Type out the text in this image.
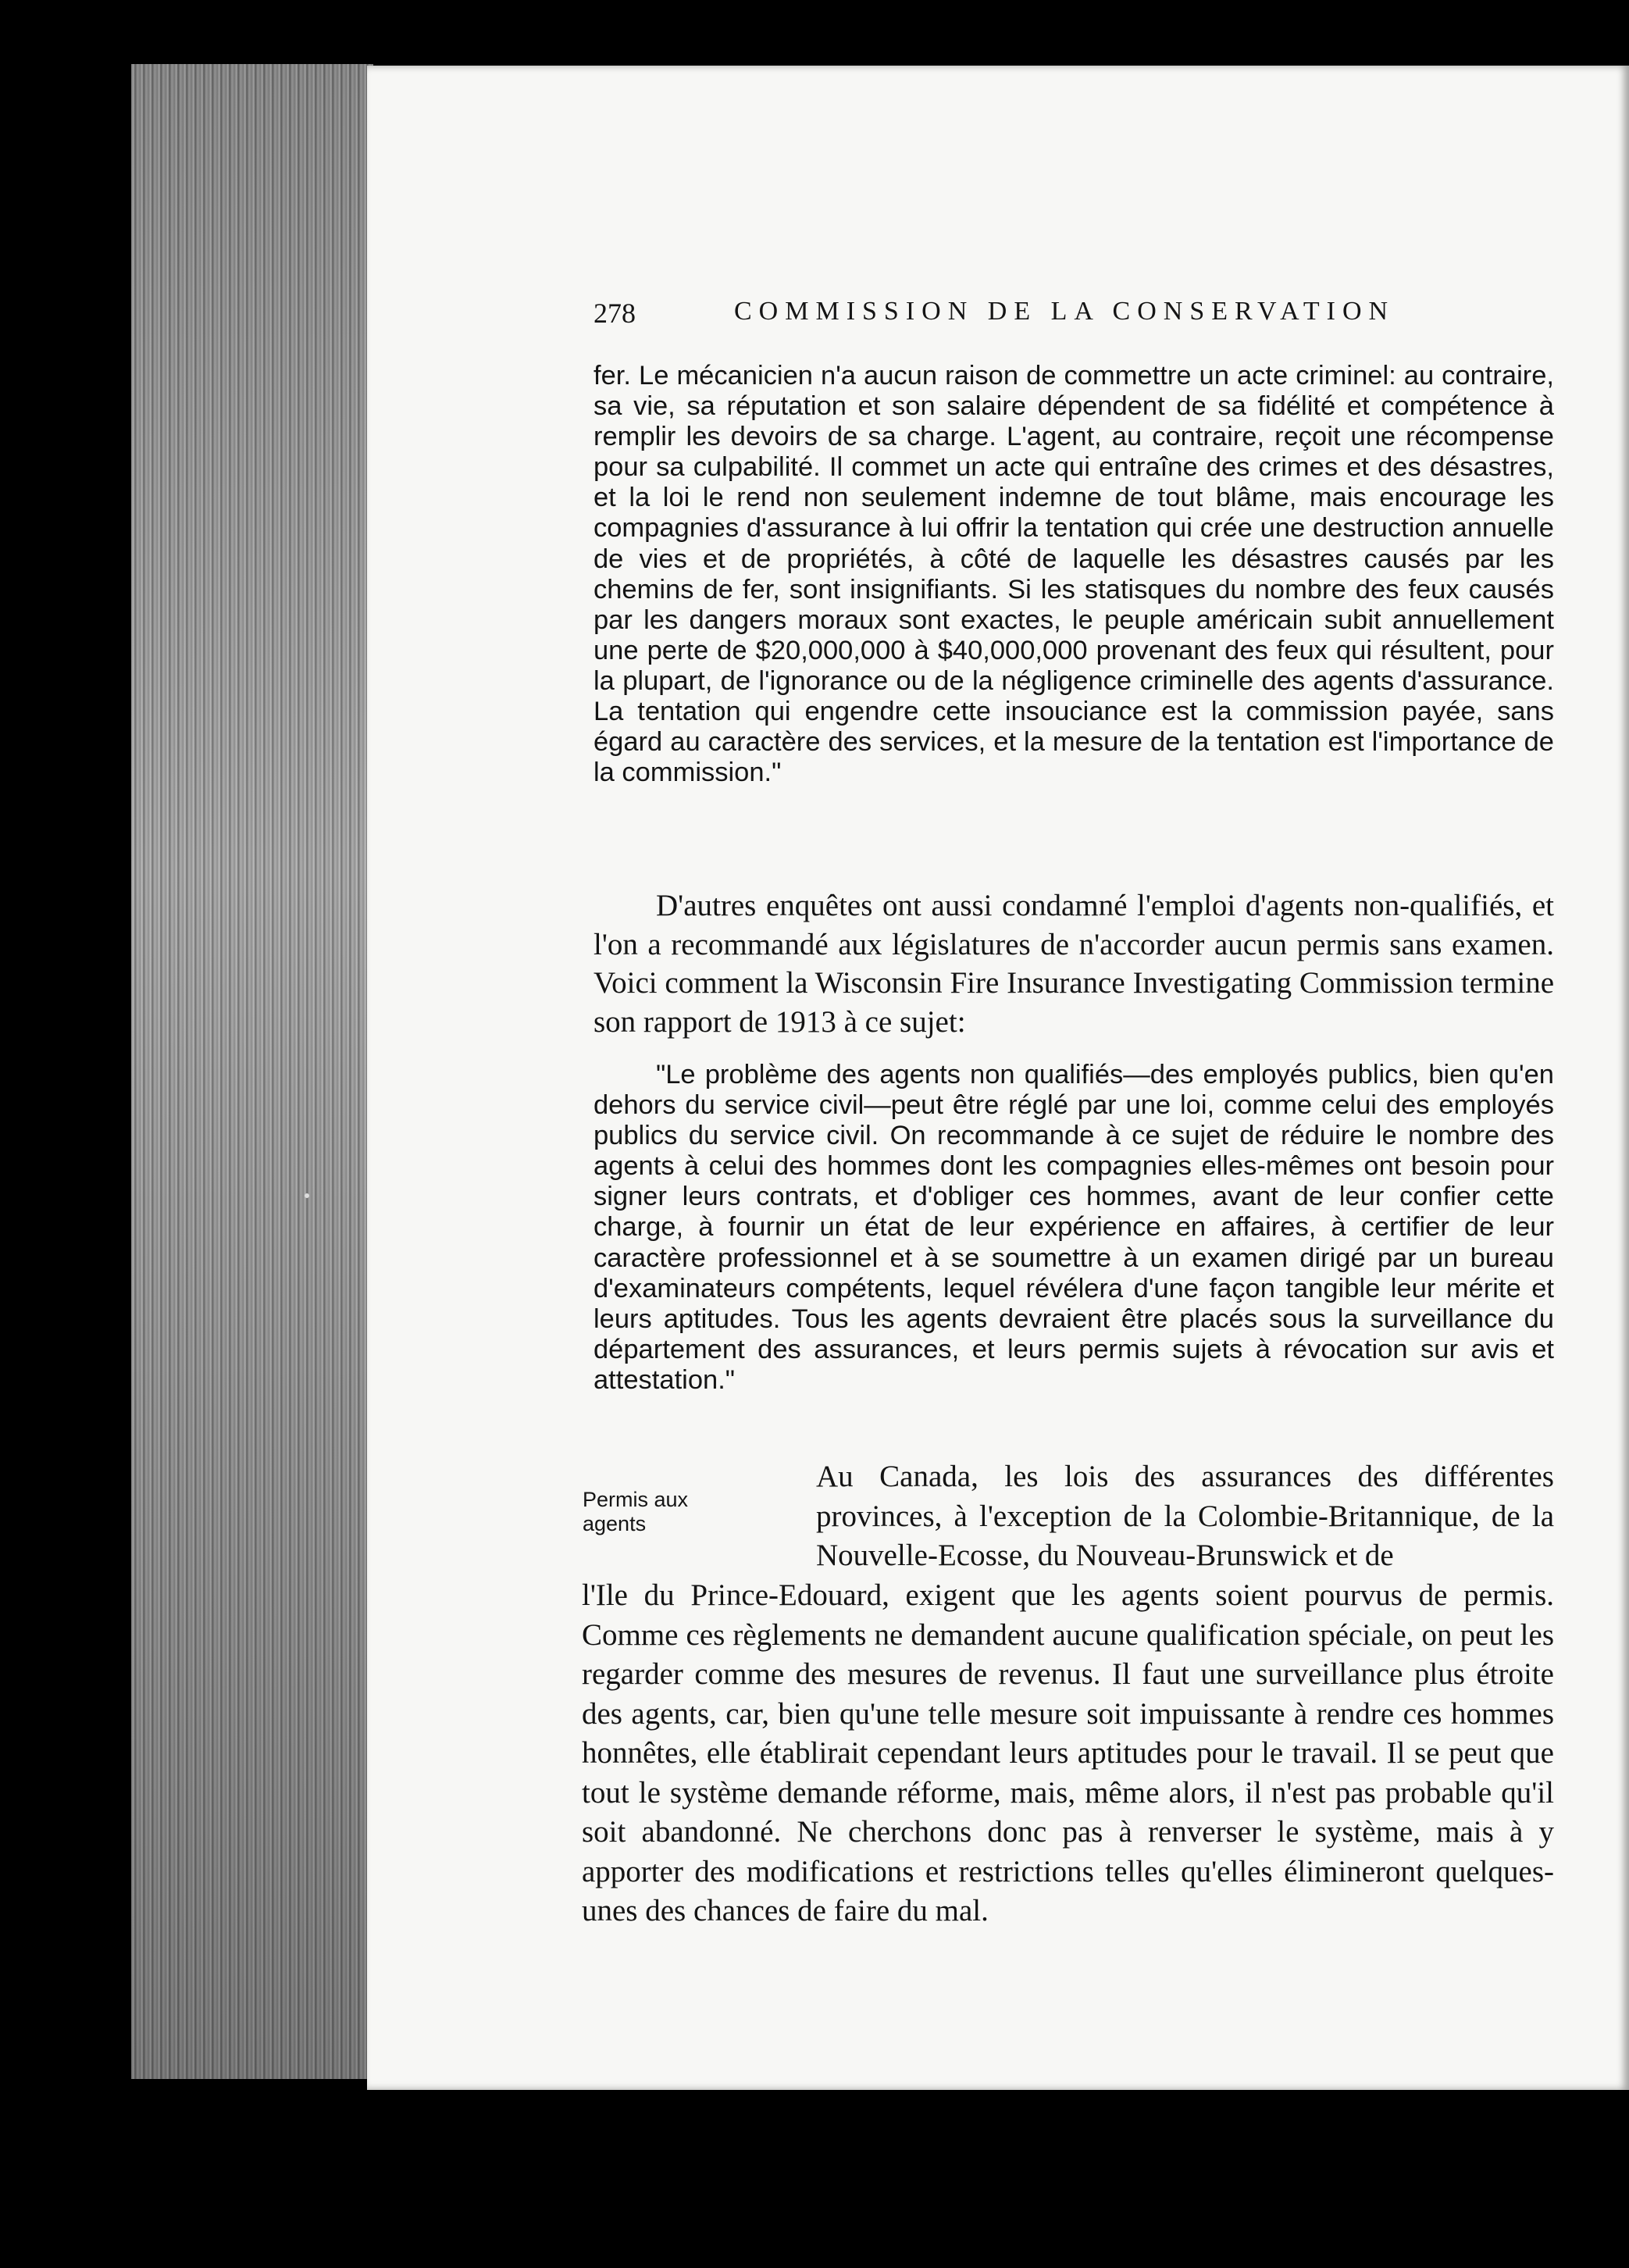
278	COMMISSION DE LA CONSERVATION
fer. Le mécanicien n'a aucun raison de commettre un acte criminel: au contraire, sa vie, sa réputation et son salaire dépendent de sa fidélité et compétence à remplir les devoirs de sa charge. L'agent, au contraire, reçoit une récompense pour sa culpabilité. Il commet un acte qui entraîne des crimes et des désastres, et la loi le rend non seulement indemne de tout blâme, mais encourage les compagnies d'assurance à lui offrir la tentation qui crée une destruction annuelle de vies et de propriétés, à côté de laquelle les désastres causés par les chemins de fer, sont insignifiants. Si les statisques du nombre des feux causés par les dangers moraux sont exactes, le peuple américain subit annuellement une perte de $20,000,000 à $40,000,000 provenant des feux qui résultent, pour la plupart, de l'ignorance ou de la négligence criminelle des agents d'assurance. La tentation qui engendre cette insouciance est la commission payée, sans égard au caractère des services, et la mesure de la tentation est l'importance de la commission."
D'autres enquêtes ont aussi condamné l'emploi d'agents non-qualifiés, et l'on a recommandé aux législatures de n'accorder aucun permis sans examen. Voici comment la Wisconsin Fire Insurance Investigating Commission termine son rapport de 1913 à ce sujet:
"Le problème des agents non qualifiés—des employés publics, bien qu'en dehors du service civil—peut être réglé par une loi, comme celui des employés publics du service civil. On recommande à ce sujet de réduire le nombre des agents à celui des hommes dont les compagnies elles-mêmes ont besoin pour signer leurs contrats, et d'obliger ces hommes, avant de leur confier cette charge, à fournir un état de leur expérience en affaires, à certifier de leur caractère professionnel et à se soumettre à un examen dirigé par un bureau d'examinateurs compétents, lequel révélera d'une façon tangible leur mérite et leurs aptitudes. Tous les agents devraient être placés sous la surveillance du département des assurances, et leurs permis sujets à révocation sur avis et attestation."
Permis aux agents
Au Canada, les lois des assurances des différentes provinces, à l'exception de la Colombie-Britannique, de la Nouvelle-Ecosse, du Nouveau-Brunswick et de
l'Ile du Prince-Edouard, exigent que les agents soient pourvus de permis. Comme ces règlements ne demandent aucune qualification spéciale, on peut les regarder comme des mesures de revenus. Il faut une surveillance plus étroite des agents, car, bien qu'une telle mesure soit impuissante à rendre ces hommes honnêtes, elle établirait cependant leurs aptitudes pour le travail. Il se peut que tout le système demande réforme, mais, même alors, il n'est pas probable qu'il soit abandonné. Ne cherchons donc pas à renverser le système, mais à y apporter des modifications et restrictions telles qu'elles élimineront quelques-unes des chances de faire du mal.
